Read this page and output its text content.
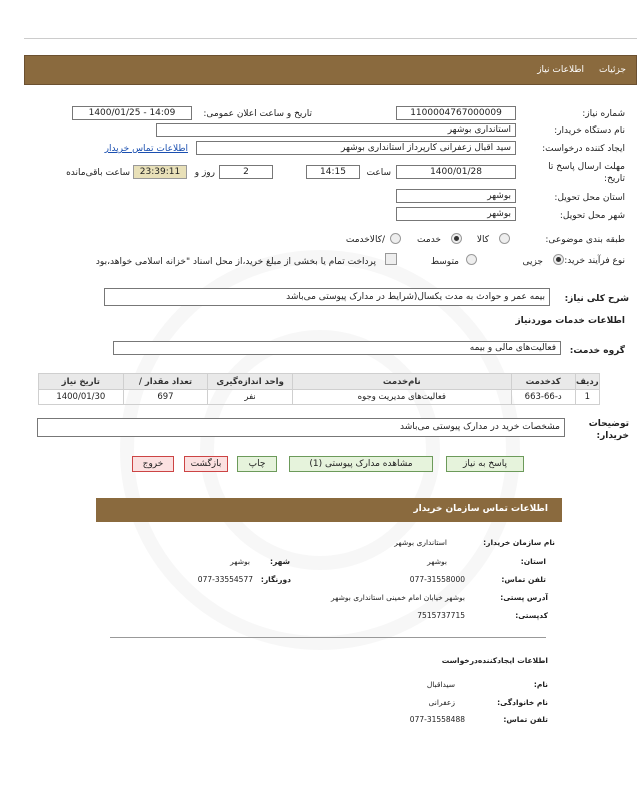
جزئیات
اطلاعات نیاز
شماره نیاز:
1100004767000009
تاریخ و ساعت اعلان عمومی:
1400/01/25 - 14:09
نام دستگاه خریدار:
استانداری بوشهر
ایجاد کننده درخواست:
سید اقبال زعفرانی کارپرداز استانداری بوشهر
اطلاعات تماس خریدار
مهلت ارسال پاسخ تا تاریخ:
1400/01/28
ساعت
14:15
2
روز و
23:39:11
ساعت باقی‌مانده
استان محل تحویل:
بوشهر
شهر محل تحویل:
بوشهر
طبقه بندی موضوعی:
کالا
خدمت
/کالاخدمت
نوع فرآیند خرید:
جزیی
متوسط
پرداخت تمام یا بخشی از مبلغ خرید،از محل اسناد "خزانه اسلامی خواهد،بود
شرح کلی نیاز:
بیمه عمر و حوادث به مدت یکسال(شرایط در مدارک پیوستی می‌باشد
اطلاعات خدمات موردنیاز
گروه خدمت:
فعالیت‌های مالی و بیمه
ردیف	کدخدمت	نام‌خدمت	واحد اندازه‌گیری	تعداد مقدار /	تاریخ نیاز
1	د-66-663	فعالیت‌های مدیریت وجوه	نفر	697	1400/01/30
توضیحات خریدار:
مشخصات خرید در مدارک پیوستی می‌باشد
پاسخ به نیاز
مشاهده مدارک پیوستی (1)
چاپ
بازگشت
خروج
اطلاعات تماس سازمان خریدار
نام سازمان خریدار:
استانداری بوشهر
استان:
بوشهر
شهر:
بوشهر
تلفن تماس:
077-31558000
دورنگار:
077-33554577
آدرس پستی:
بوشهر خیابان امام خمینی استانداری بوشهر
کدپستی:
7515737715
اطلاعات ایجادکننده‌درخواست
نام:
سیداقبال
نام خانوادگی:
زعفرانی
تلفن تماس:
077-31558488
